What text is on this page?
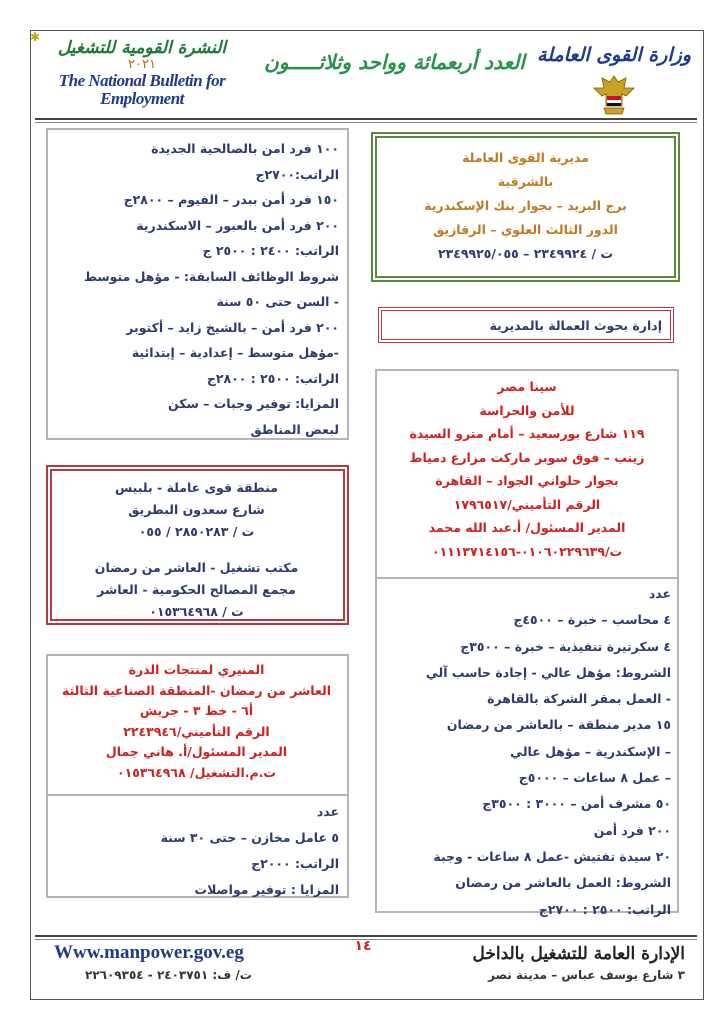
✱
النشرة القومية للتشغيل
٢٠٢١
The National Bulletin for Employment
العدد أربعمائة وواحد وثلاثـــــون وزارة القوى العاملة
١٠٠ فرد امن بالصالحية الجديدة
الراتب:٢٧٠٠ج
١٥٠ فرد أمن ببدر – الفيوم – ٢٨٠٠ج
٢٠٠ فرد أمن بالعبور – الاسكندرية
الراتب: ٢٤٠٠ : ٢٥٠٠ ج
شروط الوظائف السابقة: - مؤهل متوسط
- السن حتى ٥٠ سنة
٢٠٠ فرد أمن – بالشيخ زايد – أكتوبر
-مؤهل متوسط – إعدادية – إبتدائية
الراتب: ٢٥٠٠ : ٢٨٠٠ج
المزايا: توفير وجبات – سكن
لبعض المناطق
منطقة قوى عاملة - بلبيس
شارع سعدون البطريق
ت / ٢٨٥٠٢٨٣ / ٠٥٥
مكتب تشغيل - العاشر من رمضان
مجمع المصالح الحكومية - العاشر
ت / ٠١٥٣٦٤٩٦٨
المنيري لمنتجات الذرة
العاشر من رمضان -المنطقة الصناعية الثالثة
أ٦ - خط ٣ - جريش
الرقم التأميني/٢٢٤٣٩٤٦
المدير المسئول/أ. هاني جمال
ت.م.التشغيل/ ٠١٥٣٦٤٩٦٨
عدد
٥ عامل مخازن – حتى ٣٠ سنة
الراتب: ٢٠٠٠ج
المزايا : توفير مواصلات
مديرية القوى العاملة
بالشرقية
برج البريد – بجوار بنك الإسكندرية
الدور الثالث العلوي – الزقازيق
ت / ٢٣٤٩٩٢٤ – ٢٣٤٩٩٢٥/٠٥٥
إدارة بحوث العمالة بالمديرية
سينا مصر
للأمن والحراسة
١١٩ شارع بورسعيد – أمام مترو السيدة
زينب – فوق سوبر ماركت مزارع دمياط
بجوار حلواني الجواد – القاهرة
الرقم التأميني/١٧٩٦٥١٧
المدير المسئول/ أ.عبد الله محمد
ت/٠١٠٦٠٢٢٩٦٣٩-٠١١١٣٧١٤١٥٦
عدد
٤ محاسب – خبرة – ٤٥٠٠ج
٤ سكرتيرة تنفيذية – خبرة – ٣٥٠٠ج
الشروط: مؤهل عالي - إجادة حاسب آلي
- العمل بمقر الشركة بالقاهرة
١٥ مدير منطقة – بالعاشر من رمضان
– الإسكندرية – مؤهل عالي
– عمل ٨ ساعات – ٥٠٠٠ج
٥٠ مشرف أمن – ٣٠٠٠ : ٣٥٠٠ج
٢٠٠ فرد أمن
٢٠ سيدة تفتيش -عمل ٨ ساعات - وجبة
الشروط: العمل بالعاشر من رمضان
الراتب: ٢٥٠٠ : ٢٧٠٠ج
Www.manpower.gov.eg	١٤	الإدارة العامة للتشغيل بالداخل
٣ شارع يوسف عباس – مدينة نصر
ت/ ف: ٢٤٠٣٧٥١ - ٢٢٦٠٩٣٥٤
